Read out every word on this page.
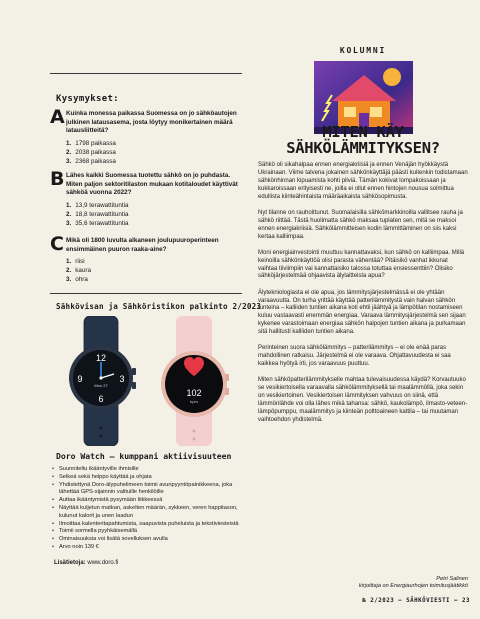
Kysymykset:
A Kuinka monessa paikassa Suomessa on jo sähköautojen julkinen latausasema, josta löytyy monikertainen määrä latausliitteitä?
1. 1798 paikassa
2. 2038 paikassa
3. 2368 paikassa
B Lähes kaikki Suomessa tuotettu sähkö on jo puhdasta. Miten paljon sektoritilaston mukaan kotitaloudet käyttivät sähköä vuonna 2022?
1. 13,9 terawattituntia
2. 18,8 terawattituntia
3. 35,6 terawattituntia
C Mikä oli 1800 luvulta alkaneen joulupuuroperinteen ensimmäinen puuron raaka-aine?
1. riisi
2. kaura
3. ohra
Sähkövisan ja Sähköristikon palkinto 2/2023
12
9	3
6
Mon 27
102
bpm
Doro Watch — kumppani aktiivisuuteen
• Suunniteltu ikääntyville ihmisille
• Selkeä sekä helppo käyttää ja ohjata
• Yhdistettynä Doro-älypuhelimeen toimii avunpyyntöpainikkeena, joka lähettää GPS-sijainnin valituille henkilöille
• Auttaa ikääntymistä pysymään liikkeessä
• Näyttää kuljetun matkan, askelten määrän, sykkeen, veren happitason, kulunut kalorit ja unen laadun
• Ilmoittaa kalenteritapahtumista, saapuvista puheluista ja tekstiviesteistä
• Toimii sormella pyyhkäisemällä
• Ominaisuuksia voi lisätä sovelluksen avulla
• Arvo noin 139 €
Lisätietoja: www.doro.fi
KOLUMNI
MITEN KÄY
SÄHKÖLÄMMITYKSEN?

Sähkö oli sikahalpaa ennen energiakriisiä ja ennen Venäjän hyökkäystä Ukrainaan. Viime talvena jokainen sähkönkäyttäjä päästi kuitenkin todistamaan sähkönhinnan kipuamista kohti pilviä. Tämän kokivat lompakoissaan ja kukkaroissaan erityisesti ne, joilla ei ollut ennen hintojen nousua solmittua edullista kiinteähintaista määräaikaista sähkösopimusta.

Nyt tilanne on rauhoittunut. Suomalaisilla sähkömarkkinoilla vallitsee rauha ja sähkö riittää. Tästä huolimatta sähkö maksaa tuplaten sen, mitä se maksoi ennen energiakriisiä. Sähkölämmitteisen kodin lämmittäminen on siis kaksi kertaa kalliimpaa.

Moni energiainvestointi muuttuu kannattavaksi, kun sähkö on kalliimpaa. Millä keinoilla sähkönkäyttöä olisi parasta vähentää? Pitäisikö vanhat ikkunat vaihtaa tiiviimpiin vai kannattaisiko talossa totuttaa ensiessenttiin? Olisiko sähköjärjestelmää ohjaavista älylaitteista apua?

Älytekniologiasta ei ole apua, jos lämmitysjärjestelmässä ei ole yhtään varaavuutta. On turha yrittää käyttää patterilämmitystä vain halvan sähkön tunteina – kalliiden tuntien aikana koti ehtii jäähtyä ja lämpötilan nostamiseen kuluu vastaavasti enemmän energiaa. Varaava lämmitysjärjestelmä sen sijaan kykenee varastoimaan energiaa sähkön halpojen tuntien aikana ja purkamaan sitä hallitusti kalliiden tuntien aikana.

Perinteinen suora sähkölämmitys – patterilämmitys – ei ole enää paras mahdollinen ratkaisu. Järjestelmä ei ole varaava. Ohjattavuudesta ei saa kaikkea hyötyä irti, jos varaavuus puuttuu.

Miten sähköpatterilämmitykselle mahtaa tulevaisuudessa käydä? Korvautuuko se vesikiertoisella varaavalla sähkölämmityksellä tai maalämmöllä, joka sekin on vesikiertoinen. Vesikiertoisen lämmityksen vahvuus on siinä, että lämmönlähde voi olla lähes mikä tahansa: sähkö, kaukolämpö, ilmasto-veteen-lämpöpumppu, maalämmitys ja kiinteän polttoaineen kattila – tai muutaman vaihtoehdon yhdistelmä.

Petri Salinen
kirjoittaja on Energiaurhojen toimitusjäätikkö
№ 2/2023 – SÄHKÖVIESTI – 23
